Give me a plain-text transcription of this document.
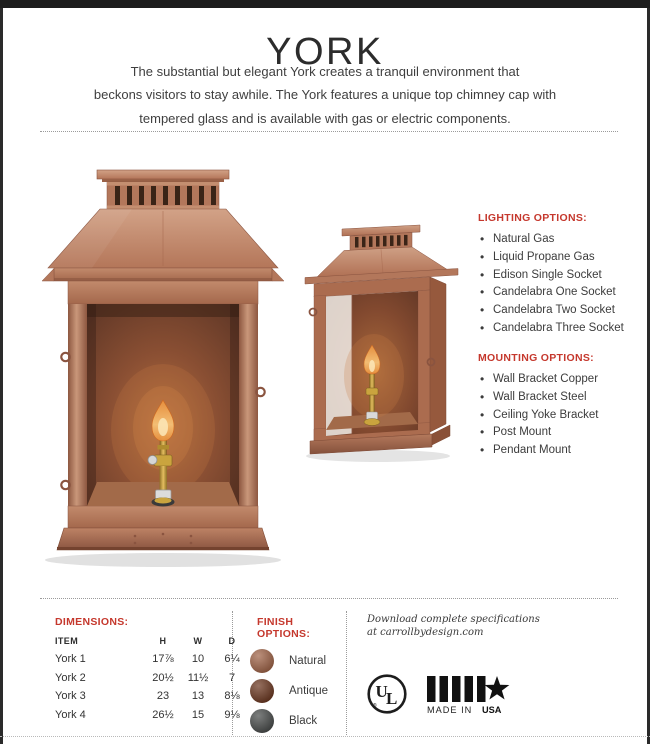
YORK
The substantial but elegant York creates a tranquil environment that
beckons visitors to stay awhile. The York features a unique top chimney cap with
tempered glass and is available with gas or electric components.
LIGHTING OPTIONS:
• Natural Gas
• Liquid Propane Gas
• Edison Single Socket
• Candelabra One Socket
• Candelabra Two Socket
• Candelabra Three Socket
MOUNTING OPTIONS:
• Wall Bracket Copper
• Wall Bracket Steel
• Ceiling Yoke Bracket
• Post Mount
• Pendant Mount
DIMENSIONS:
ITEM	H	W	D
York 1	17⅞	10	6¼
York 2	20½	11½	7
York 3	23	13	8⅛
York 4	26½	15	9⅛
FINISH OPTIONS:
Natural
Antique
Black
Download complete specifications
at carrollbydesign.com
U
L
®	MADE IN USA
